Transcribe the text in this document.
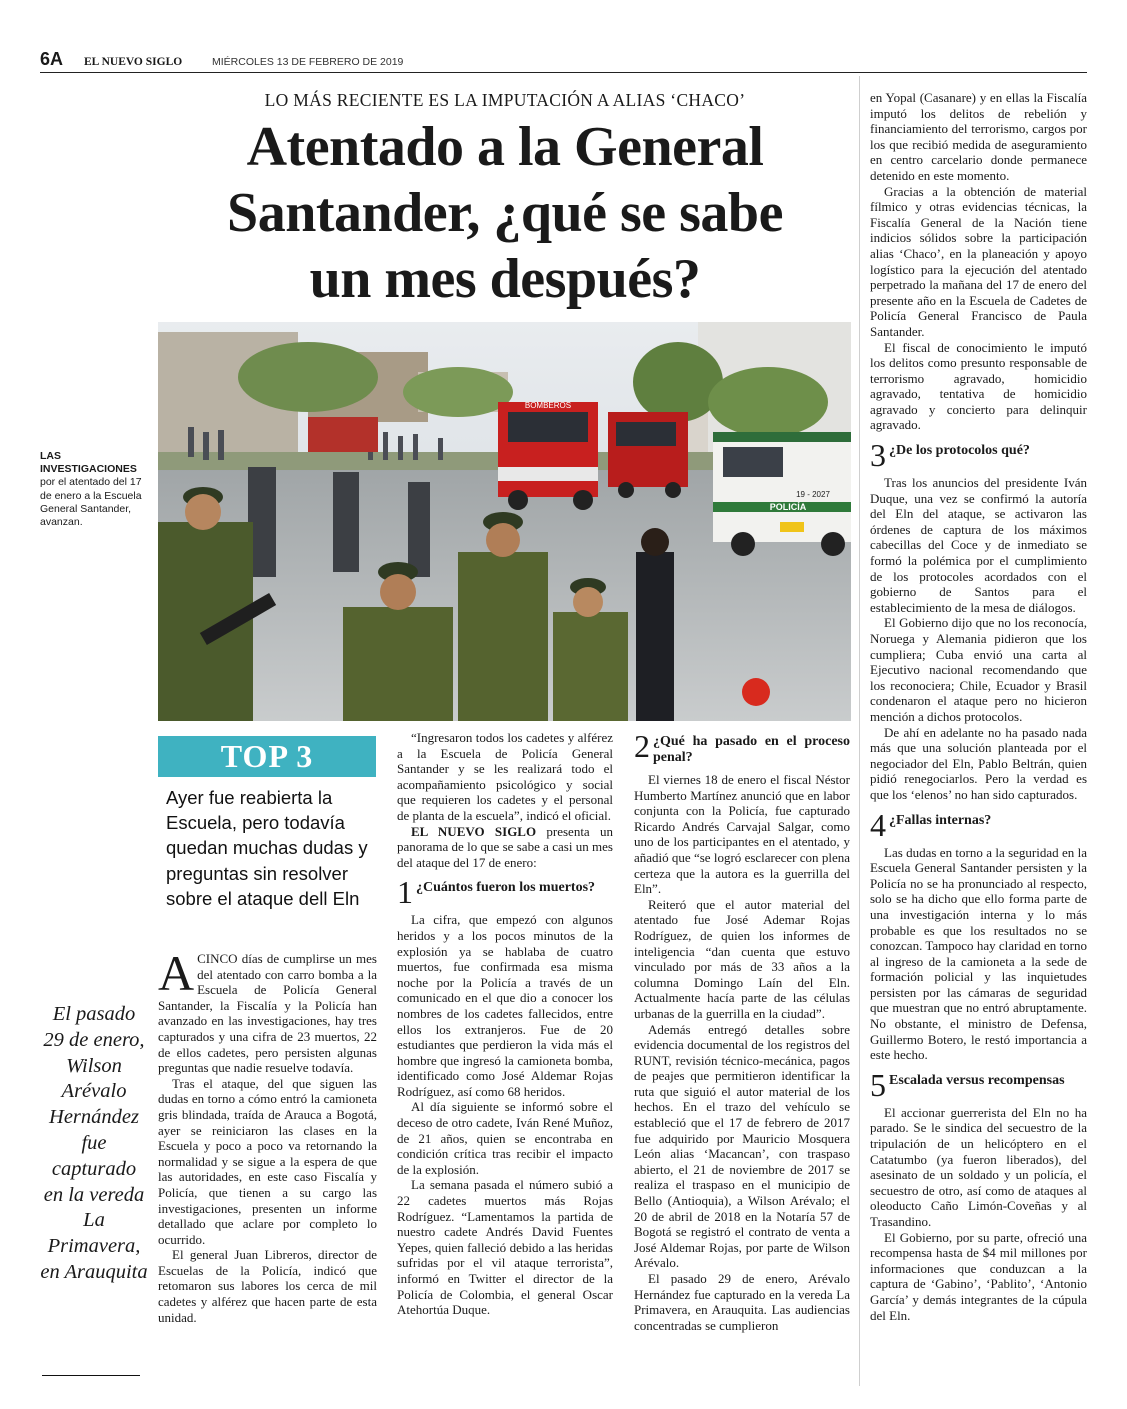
6A EL NUEVO SIGLO	MIÉRCOLES 13 DE FEBRERO DE 2019
LO MÁS RECIENTE ES LA IMPUTACIÓN A ALIAS ‘CHACO’
Atentado a la General
Santander, ¿qué se sabe
un mes después?
BOMBEROS
POLICÍA
19 - 2027
LAS INVESTIGACIONES
por el atentado del 17 de enero a la Escuela General Santander, avanzan.
TOP 3
Ayer fue reabierta la Escuela, pero todavía quedan muchas dudas y preguntas sin resolver sobre el ataque dell Eln
El pasado 29 de enero, Wilson Arévalo Hernández fue capturado en la vereda La Primavera, en Arauquita

ACINCO días de cumplirse un mes del atentado con carro bomba a la Escuela de Policía General Santander, la Fiscalía y la Policía han avanzado en las investigaciones, hay tres capturados y una cifra de 23 muertos, 22 de ellos cadetes, pero persisten algunas preguntas que nadie resuelve todavía.

Tras el ataque, del que siguen las dudas en torno a cómo entró la camioneta gris blindada, traída de Arauca a Bogotá, ayer se reiniciaron las clases en la Escuela y poco a poco va retornando la normalidad y se sigue a la espera de que las autoridades, en este caso Fiscalía y Policía, que tienen a su cargo las investigaciones, presenten un informe detallado que aclare por completo lo ocurrido.

El general Juan Libreros, director de Escuelas de la Policía, indicó que retomaron sus labores los cerca de mil cadetes y alférez que hacen parte de esta unidad.

“Ingresaron todos los cadetes y alférez a la Escuela de Policía General Santander y se les realizará todo el acompañamiento psicológico y social que requieren los cadetes y el personal de planta de la escuela”, indicó el oficial.

EL NUEVO SIGLO presenta un panorama de lo que se sabe a casi un mes del ataque del 17 de enero:

1 ¿Cuántos fueron los muertos?

La cifra, que empezó con algunos heridos y a los pocos minutos de la explosión ya se hablaba de cuatro muertos, fue confirmada esa misma noche por la Policía a través de un comunicado en el que dio a conocer los nombres de los cadetes fallecidos, entre ellos los extranjeros. Fue de 20 estudiantes que perdieron la vida más el hombre que ingresó la camioneta bomba, identificado como José Aldemar Rojas Rodríguez, así como 68 heridos.

Al día siguiente se informó sobre el deceso de otro cadete, Iván René Muñoz, de 21 años, quien se encontraba en condición crítica tras recibir el impacto de la explosión.

La semana pasada el número subió a 22 cadetes muertos más Rojas Rodríguez. “Lamentamos la partida de nuestro cadete Andrés David Fuentes Yepes, quien falleció debido a las heridas sufridas por el vil ataque terrorista”, informó en Twitter el director de la Policía de Colombia, el general Oscar Atehortúa Duque.

2 ¿Qué ha pasado en el proceso penal?

El viernes 18 de enero el fiscal Néstor Humberto Martínez anunció que en labor conjunta con la Policía, fue capturado Ricardo Andrés Carvajal Salgar, como uno de los participantes en el atentado, y añadió que “se logró esclarecer con plena certeza que la autora es la guerrilla del Eln”.

Reiteró que el autor material del atentado fue José Ademar Rojas Rodríguez, de quien los informes de inteligencia “dan cuenta que estuvo vinculado por más de 33 años a la columna Domingo Laín del Eln. Actualmente hacía parte de las células urbanas de la guerrilla en la ciudad”.

Además entregó detalles sobre evidencia documental de los registros del RUNT, revisión técnico-mecánica, pagos de peajes que permitieron identificar la ruta que siguió el autor material de los hechos. En el trazo del vehículo se estableció que el 17 de febrero de 2017 fue adquirido por Mauricio Mosquera León alias ‘Macancan’, con traspaso abierto, el 21 de noviembre de 2017 se realiza el traspaso en el municipio de Bello (Antioquia), a Wilson Arévalo; el 20 de abril de 2018 en la Notaría 57 de Bogotá se registró el contrato de venta a José Aldemar Rojas, por parte de Wilson Arévalo.

El pasado 29 de enero, Arévalo Hernández fue capturado en la vereda La Primavera, en Arauquita. Las audiencias concentradas se cumplieron

en Yopal (Casanare) y en ellas la Fiscalía imputó los delitos de rebelión y financiamiento del terrorismo, cargos por los que recibió medida de aseguramiento en centro carcelario donde permanece detenido en este momento.

Gracias a la obtención de material fílmico y otras evidencias técnicas, la Fiscalía General de la Nación tiene indicios sólidos sobre la participación alias ‘Chaco’, en la planeación y apoyo logístico para la ejecución del atentado perpetrado la mañana del 17 de enero del presente año en la Escuela de Cadetes de Policía General Francisco de Paula Santander.

El fiscal de conocimiento le imputó los delitos como presunto responsable de terrorismo agravado, homicidio agravado, tentativa de homicidio agravado y concierto para delinquir agravado.

3 ¿De los protocolos qué?

Tras los anuncios del presidente Iván Duque, una vez se confirmó la autoría del Eln del ataque, se activaron las órdenes de captura de los máximos cabecillas del Coce y de inmediato se formó la polémica por el cumplimiento de los protocoles acordados con el gobierno de Santos para el establecimiento de la mesa de diálogos.

El Gobierno dijo que no los reconocía, Noruega y Alemania pidieron que los cumpliera; Cuba envió una carta al Ejecutivo nacional recomendando que los reconociera; Chile, Ecuador y Brasil condenaron el ataque pero no hicieron mención a dichos protocolos.

De ahí en adelante no ha pasado nada más que una solución planteada por el negociador del Eln, Pablo Beltrán, quien pidió renegociarlos. Pero la verdad es que los ‘elenos’ no han sido capturados.

4 ¿Fallas internas?

Las dudas en torno a la seguridad en la Escuela General Santander persisten y la Policía no se ha pronunciado al respecto, solo se ha dicho que ello forma parte de una investigación interna y lo más probable es que los resultados no se conozcan. Tampoco hay claridad en torno al ingreso de la camioneta a la sede de formación policial y las inquietudes persisten por las cámaras de seguridad que muestran que no entró abruptamente. No obstante, el ministro de Defensa, Guillermo Botero, le restó importancia a este hecho.

5 Escalada versus recompensas

El accionar guerrerista del Eln no ha parado. Se le sindica del secuestro de la tripulación de un helicóptero en el Catatumbo (ya fueron liberados), del asesinato de un soldado y un policía, el secuestro de otro, así como de ataques al oleoducto Caño Limón-Coveñas y al Trasandino.

El Gobierno, por su parte, ofreció una recompensa hasta de $4 mil millones por informaciones que conduzcan a la captura de ‘Gabino’, ‘Pablito’, ‘Antonio García’ y demás integrantes de la cúpula del Eln.
